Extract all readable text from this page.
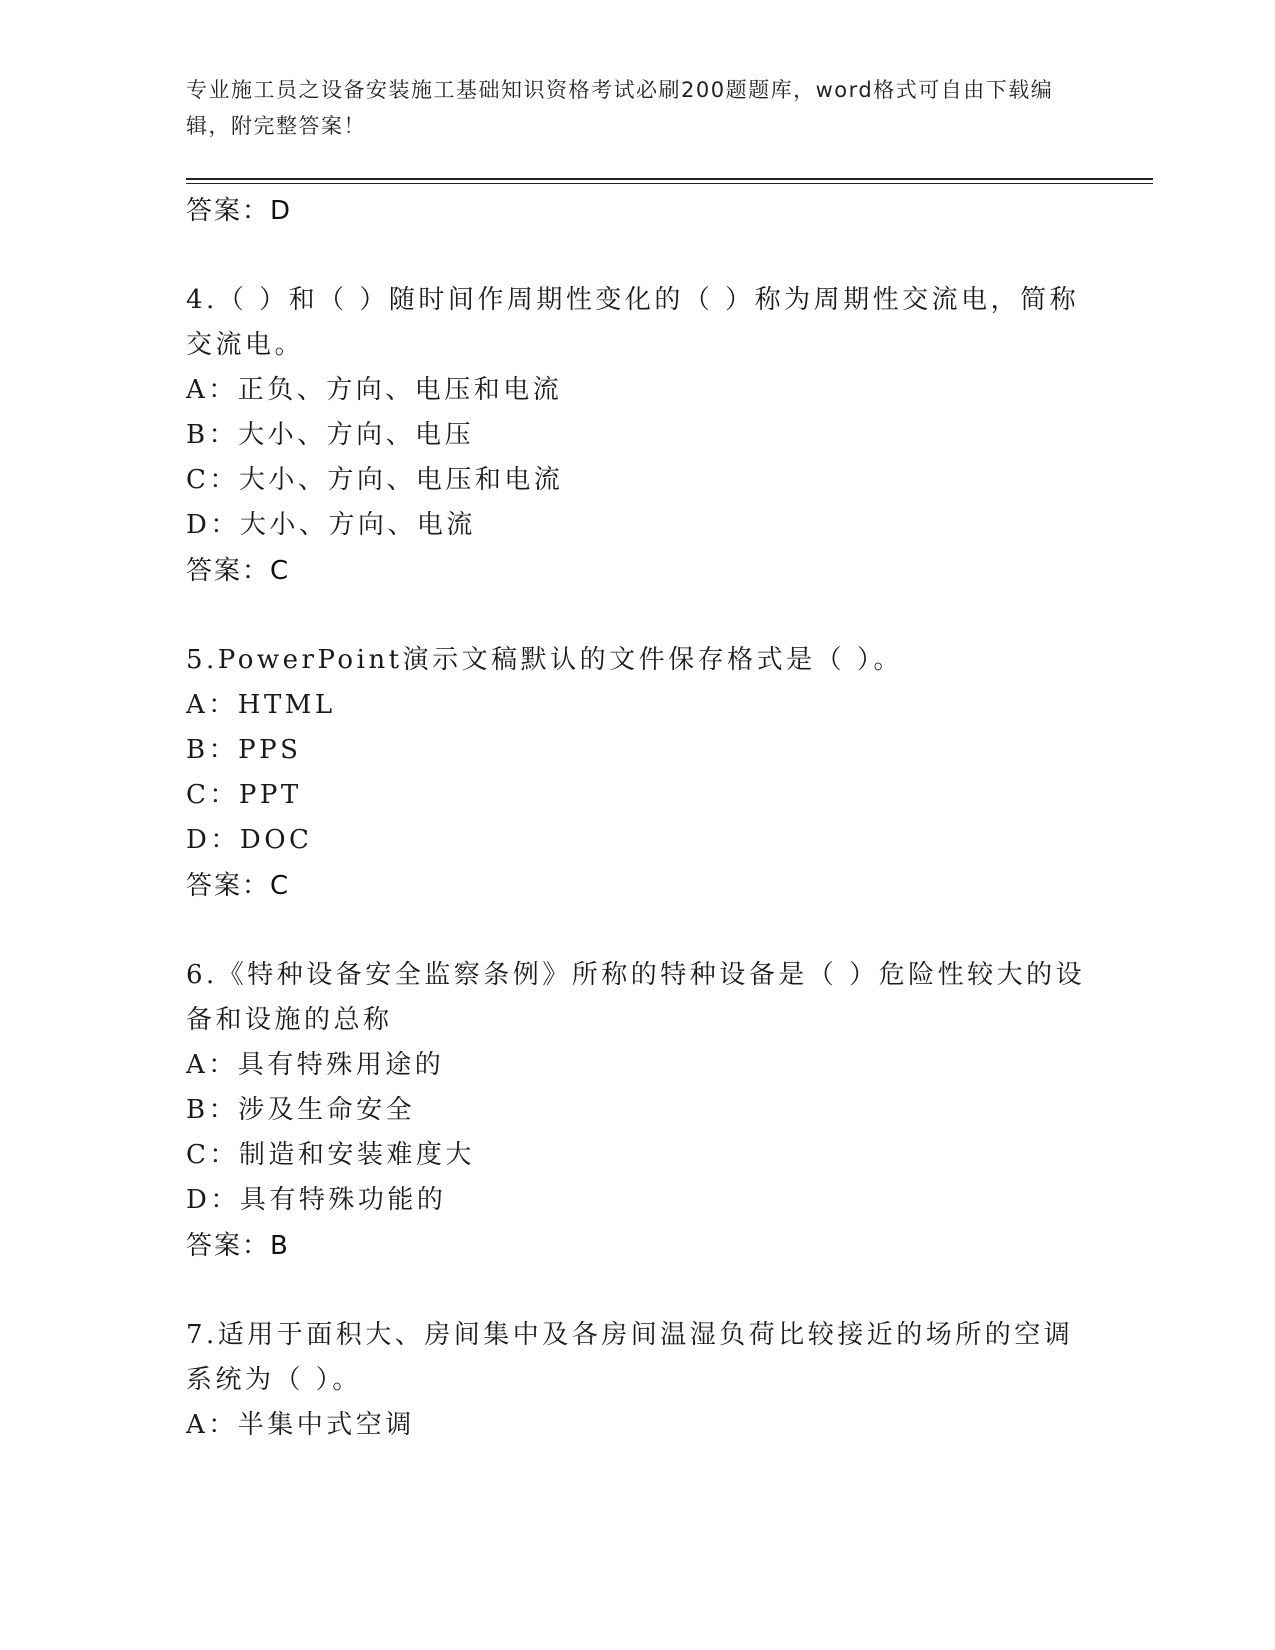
专业施工员之设备安装施工基础知识资格考试必刷200题题库，word格式可自由下载编辑，附完整答案！
答案：D
4.（ ）和（ ）随时间作周期性变化的（ ）称为周期性交流电，简称交流电。
A：正负、方向、电压和电流
B：大小、方向、电压
C：大小、方向、电压和电流
D：大小、方向、电流
答案：C
5.PowerPoint演示文稿默认的文件保存格式是（ ）。
A：HTML
B：PPS
C：PPT
D：DOC
答案：C
6.《特种设备安全监察条例》所称的特种设备是（ ）危险性较大的设备和设施的总称
A：具有特殊用途的
B：涉及生命安全
C：制造和安装难度大
D：具有特殊功能的
答案：B
7.适用于面积大、房间集中及各房间温湿负荷比较接近的场所的空调系统为（ ）。
A：半集中式空调
